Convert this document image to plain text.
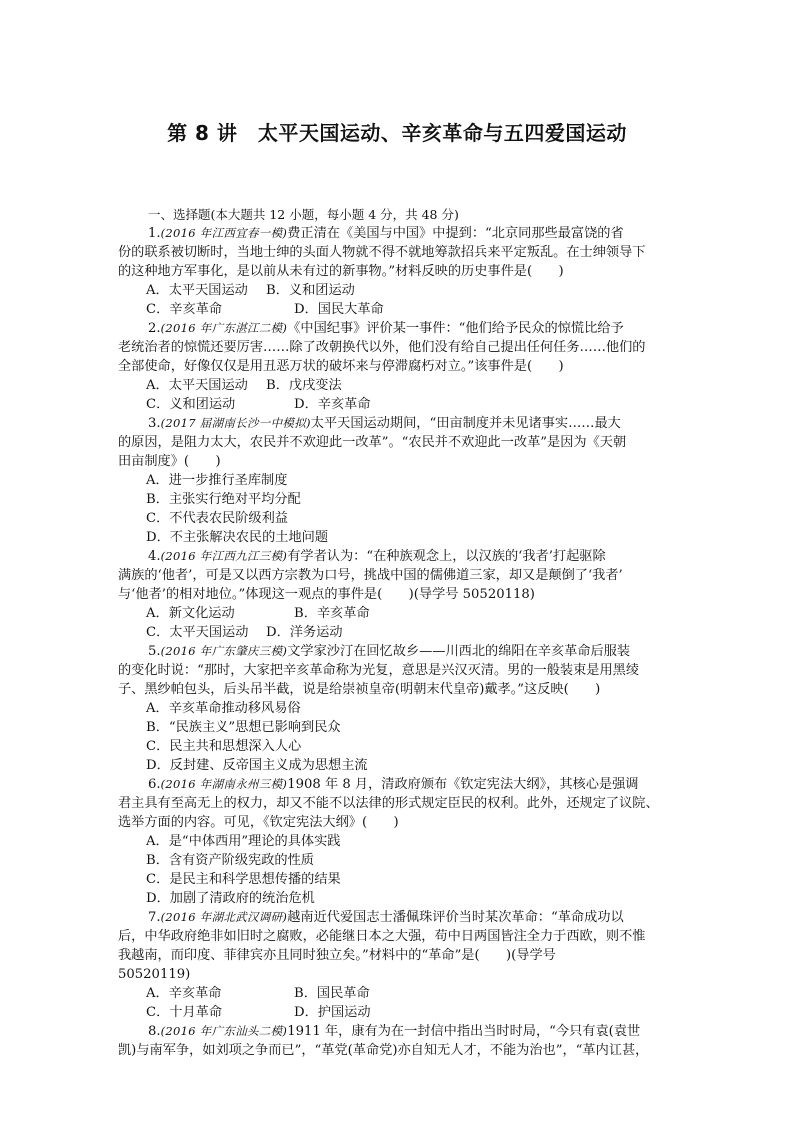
第 8 讲　太平天国运动、辛亥革命与五四爱国运动
一、选择题(本大题共 12 小题，每小题 4 分，共 48 分)
1.(2016 年江西宜春一模)费正清在《美国与中国》中提到：“北京同那些最富饶的省
份的联系被切断时，当地士绅的头面人物就不得不就地筹款招兵来平定叛乱。在士绅领导下
的这种地方军事化，是以前从未有过的新事物。”材料反映的历史事件是(　　)
A．太平天国运动 B．义和团运动
C．辛亥革命	D．国民大革命
2.(2016 年广东湛江二模)《中国纪事》评价某一事件：“他们给予民众的惊慌比给予
老统治者的惊慌还要厉害……除了改朝换代以外，他们没有给自己提出任何任务……他们的
全部使命，好像仅仅是用丑恶万状的破坏来与停滞腐朽对立。”该事件是(　　)
A．太平天国运动 B．戊戌变法
C．义和团运动	D．辛亥革命
3.(2017 届湖南长沙一中模拟)太平天国运动期间，“田亩制度并未见诸事实……最大
的原因，是阻力太大，农民并不欢迎此一改革”。“农民并不欢迎此一改革”是因为《天朝
田亩制度》(　　)
A．进一步推行圣库制度
B．主张实行绝对平均分配
C．不代表农民阶级利益
D．不主张解决农民的土地问题
4.(2016 年江西九江三模)有学者认为：“在种族观念上，以汉族的‘我者’打起驱除
满族的‘他者’，可是又以西方宗教为口号，挑战中国的儒佛道三家，却又是颠倒了‘我者’
与‘他者’的相对地位。”体现这一观点的事件是(　　)(导学号 50520118)
A．新文化运动	B．辛亥革命
C．太平天国运动 D．洋务运动
5.(2016 年广东肇庆三模)文学家沙汀在回忆故乡——川西北的绵阳在辛亥革命后服装
的变化时说：“那时，大家把辛亥革命称为光复，意思是兴汉灭清。男的一般装束是用黑绫
子、黑纱帕包头，后头吊半截，说是给崇祯皇帝(明朝末代皇帝)戴孝。”这反映(　　)
A．辛亥革命推动移风易俗
B．“民族主义”思想已影响到民众
C．民主共和思想深入人心
D．反封建、反帝国主义成为思想主流
6.(2016 年湖南永州三模)1908 年 8 月，清政府颁布《钦定宪法大纲》，其核心是强调
君主具有至高无上的权力，却又不能不以法律的形式规定臣民的权利。此外，还规定了议院、
选举方面的内容。可见，《钦定宪法大纲》(　　)
A．是“中体西用”理论的具体实践
B．含有资产阶级宪政的性质
C．是民主和科学思想传播的结果
D．加剧了清政府的统治危机
7.(2016 年湖北武汉调研)越南近代爱国志士潘佩珠评价当时某次革命：“革命成功以
后，中华政府绝非如旧时之腐败，必能继日本之大强，苟中日两国皆注全力于西欧，则不惟
我越南，而印度、菲律宾亦且同时独立矣。”材料中的“革命”是(　　)(导学号
50520119)
A．辛亥革命	B．国民革命
C．十月革命	D．护国运动
8.(2016 年广东汕头二模)1911 年，康有为在一封信中指出当时时局，“今只有袁(袁世
凯)与南军争，如刘项之争而已”，“革党(革命党)亦自知无人才，不能为治也”，“革内讧甚，
